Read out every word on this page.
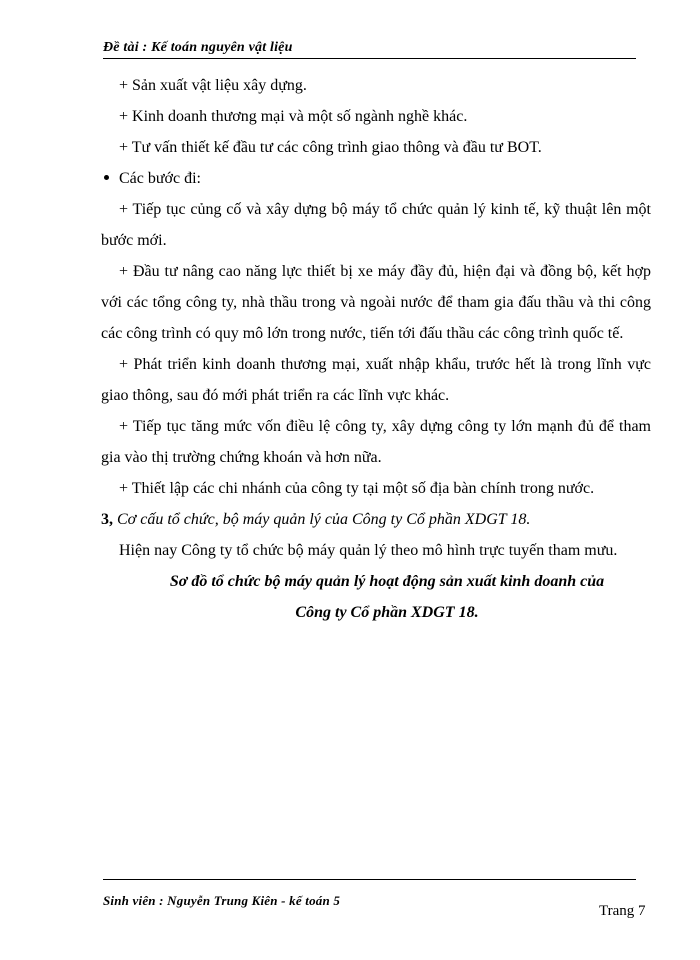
Đề tài : Kế toán nguyên vật liệu

+ Sản xuất vật liệu xây dựng.

+ Kinh doanh thương mại và một số ngành nghề khác.

+ Tư vấn thiết kế đầu tư các công trình giao thông và đầu tư BOT.

Các bước đi:

+ Tiếp tục củng cố và xây dựng bộ máy tổ chức quản lý kinh tế, kỹ thuật lên một bước mới.

+ Đầu tư nâng cao năng lực thiết bị xe máy đầy đủ, hiện đại và đồng bộ, kết hợp với các tổng công ty, nhà thầu trong và ngoài nước để tham gia đấu thầu và thi công các công trình có quy mô lớn trong nước, tiến tới đấu thầu các công trình quốc tế.

+ Phát triển kinh doanh thương mại, xuất nhập khẩu, trước hết là trong lĩnh vực giao thông, sau đó mới phát triển ra các lĩnh vực khác.

+ Tiếp tục tăng mức vốn điều lệ công ty, xây dựng công ty lớn mạnh đủ để tham gia vào thị trường chứng khoán và hơn nữa.

+ Thiết lập các chi nhánh của công ty tại một số địa bàn chính trong nước.

3, Cơ cấu tổ chức, bộ máy quản lý của Công ty Cổ phần XDGT 18.

Hiện nay Công ty tổ chức bộ máy quản lý theo mô hình trực tuyến tham mưu.

Sơ đồ tổ chức bộ máy quản lý hoạt động sản xuất kinh doanh của

Công ty Cổ phần XDGT 18.

Sinh viên : Nguyễn Trung Kiên - kế toán 5
Trang 7
